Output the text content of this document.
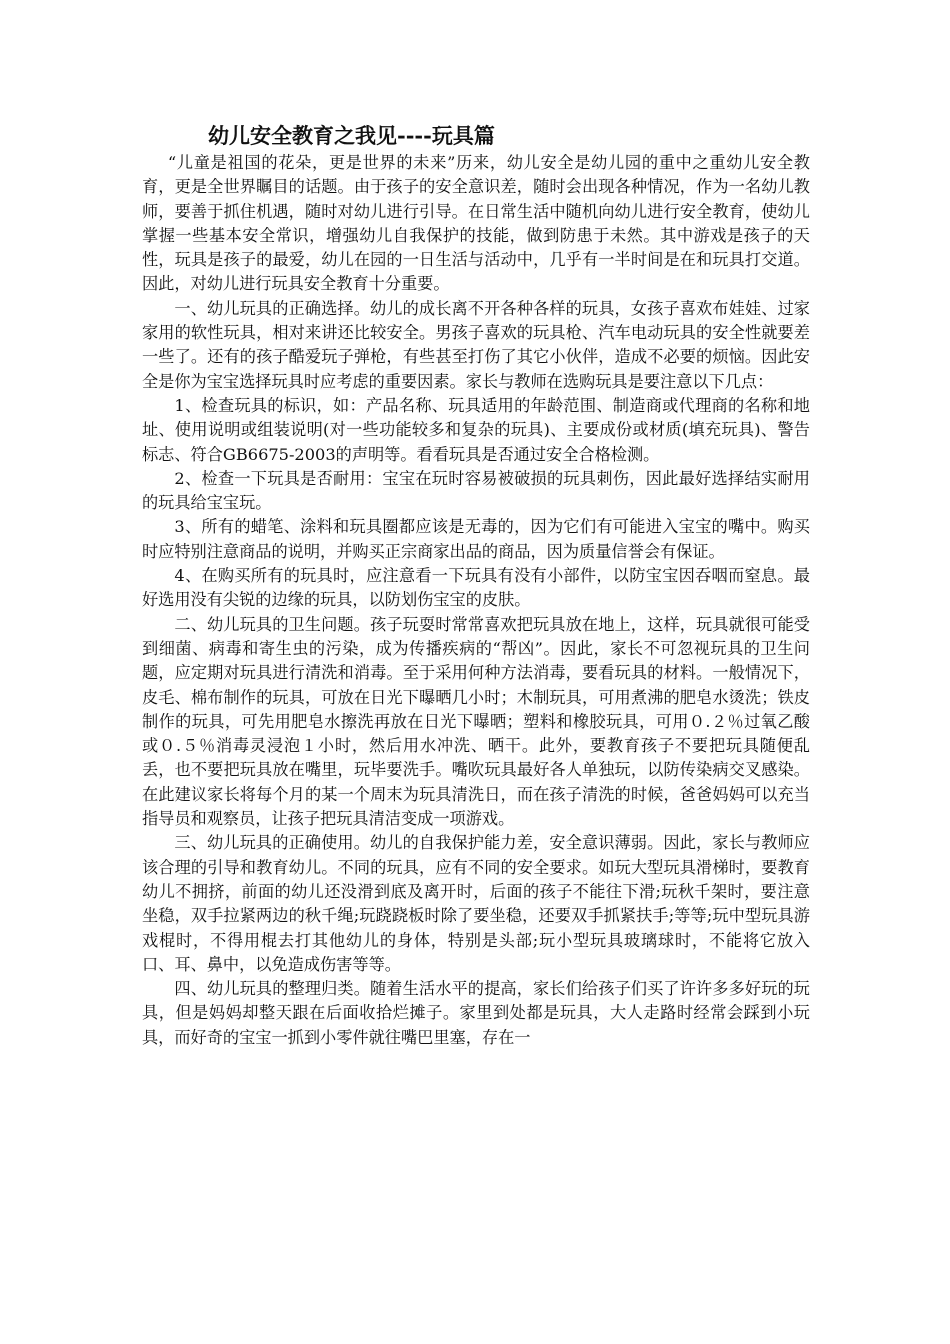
幼儿安全教育之我见----玩具篇

“儿童是祖国的花朵，更是世界的未来”历来，幼儿安全是幼儿园的重中之重幼儿安全教育，更是全世界瞩目的话题。由于孩子的安全意识差，随时会出现各种情况，作为一名幼儿教师，要善于抓住机遇，随时对幼儿进行引导。在日常生活中随机向幼儿进行安全教育，使幼儿掌握一些基本安全常识，增强幼儿自我保护的技能，做到防患于未然。其中游戏是孩子的天性，玩具是孩子的最爱，幼儿在园的一日生活与活动中，几乎有一半时间是在和玩具打交道。因此，对幼儿进行玩具安全教育十分重要。

一、幼儿玩具的正确选择。幼儿的成长离不开各种各样的玩具，女孩子喜欢布娃娃、过家家用的软性玩具，相对来讲还比较安全。男孩子喜欢的玩具枪、汽车电动玩具的安全性就要差一些了。还有的孩子酷爱玩子弹枪，有些甚至打伤了其它小伙伴，造成不必要的烦恼。因此安全是你为宝宝选择玩具时应考虑的重要因素。家长与教师在选购玩具是要注意以下几点：

1、检查玩具的标识，如：产品名称、玩具适用的年龄范围、制造商或代理商的名称和地址、使用说明或组装说明(对一些功能较多和复杂的玩具)、主要成份或材质(填充玩具)、警告标志、符合GB6675-2003的声明等。看看玩具是否通过安全合格检测。

2、检查一下玩具是否耐用：宝宝在玩时容易被破损的玩具刺伤，因此最好选择结实耐用的玩具给宝宝玩。

3、所有的蜡笔、涂料和玩具圈都应该是无毒的，因为它们有可能进入宝宝的嘴中。购买时应特别注意商品的说明，并购买正宗商家出品的商品，因为质量信誉会有保证。

4、在购买所有的玩具时，应注意看一下玩具有没有小部件，以防宝宝因吞咽而窒息。最好选用没有尖锐的边缘的玩具，以防划伤宝宝的皮肤。

二、幼儿玩具的卫生问题。孩子玩耍时常常喜欢把玩具放在地上，这样，玩具就很可能受到细菌、病毒和寄生虫的污染，成为传播疾病的“帮凶”。因此，家长不可忽视玩具的卫生问题，应定期对玩具进行清洗和消毒。至于采用何种方法消毒，要看玩具的材料。一般情况下，皮毛、棉布制作的玩具，可放在日光下曝晒几小时；木制玩具，可用煮沸的肥皂水烫洗；铁皮制作的玩具，可先用肥皂水擦洗再放在日光下曝晒；塑料和橡胶玩具，可用０.２％过氧乙酸或０.５％消毒灵浸泡１小时，然后用水冲洗、晒干。此外，要教育孩子不要把玩具随便乱丢，也不要把玩具放在嘴里，玩毕要洗手。嘴吹玩具最好各人单独玩，以防传染病交叉感染。在此建议家长将每个月的某一个周末为玩具清洗日，而在孩子清洗的时候，爸爸妈妈可以充当指导员和观察员，让孩子把玩具清洁变成一项游戏。

三、幼儿玩具的正确使用。幼儿的自我保护能力差，安全意识薄弱。因此，家长与教师应该合理的引导和教育幼儿。不同的玩具，应有不同的安全要求。如玩大型玩具滑梯时，要教育幼儿不拥挤，前面的幼儿还没滑到底及离开时，后面的孩子不能往下滑;玩秋千架时，要注意坐稳，双手拉紧两边的秋千绳;玩跷跷板时除了要坐稳，还要双手抓紧扶手;等等;玩中型玩具游戏棍时，不得用棍去打其他幼儿的身体，特别是头部;玩小型玩具玻璃球时，不能将它放入口、耳、鼻中，以免造成伤害等等。

四、幼儿玩具的整理归类。随着生活水平的提高，家长们给孩子们买了许许多多好玩的玩具，但是妈妈却整天跟在后面收拾烂摊子。家里到处都是玩具，大人走路时经常会踩到小玩具，而好奇的宝宝一抓到小零件就往嘴巴里塞，存在一
